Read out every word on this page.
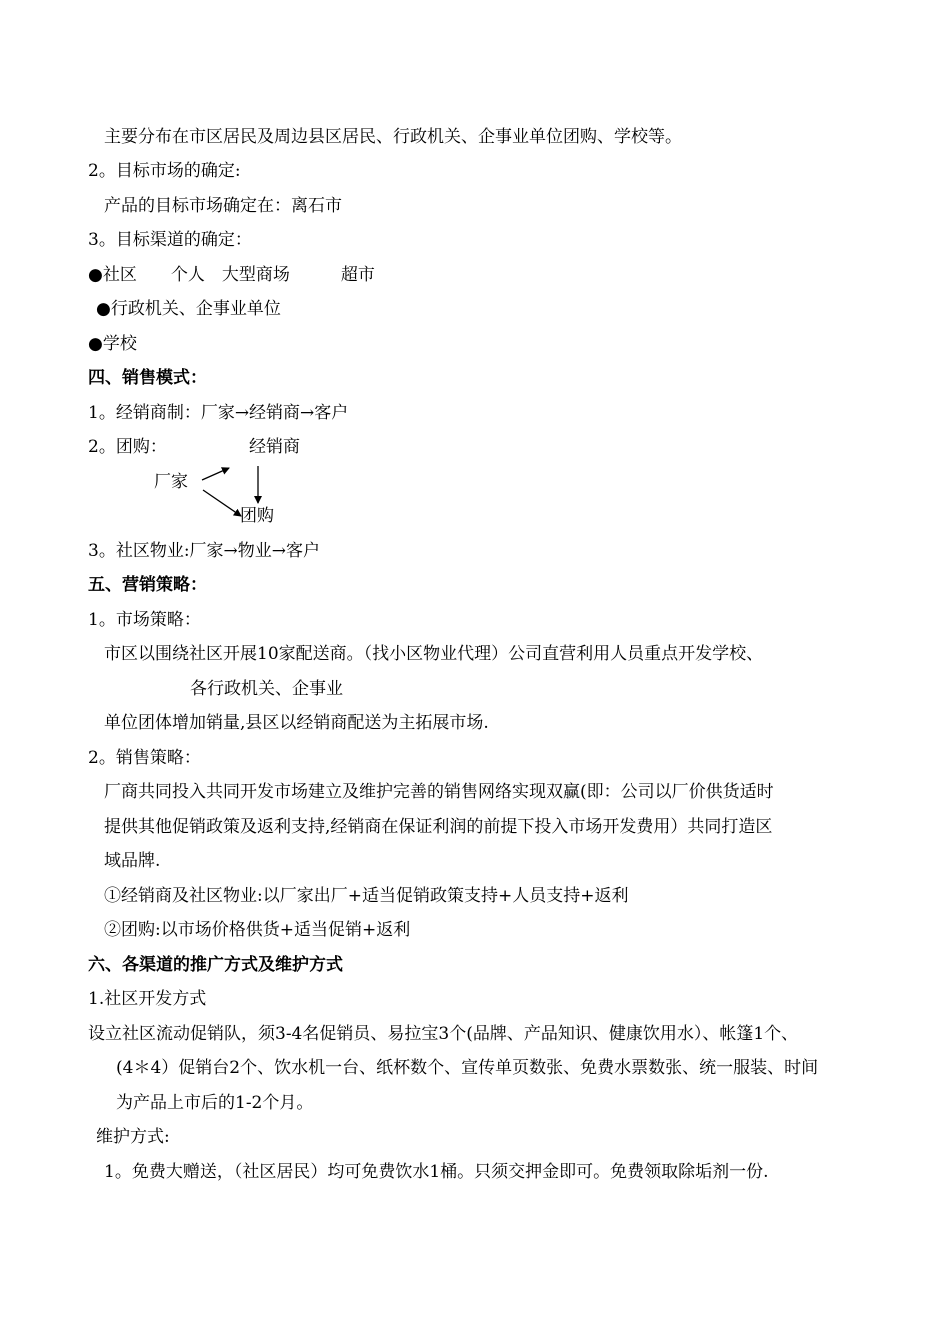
主要分布在市区居民及周边县区居民、行政机关、企事业单位团购、学校等。
2。目标市场的确定:
产品的目标市场确定在：离石市
3。目标渠道的确定：
●社区　　个人　大型商场　　　超市
●行政机关、企事业单位
●学校
四、销售模式：
1。经销商制：厂家→经销商→客户
2。团购：	经销商
厂家
团购
3。社区物业:厂家→物业→客户
五、营销策略：
1。市场策略：
市区以围绕社区开展10家配送商。（找小区物业代理）公司直营利用人员重点开发学校、
各行政机关、企事业
单位团体增加销量,县区以经销商配送为主拓展市场.
2。销售策略：
厂商共同投入共同开发市场建立及维护完善的销售网络实现双赢(即：公司以厂价供货适时
提供其他促销政策及返利支持,经销商在保证利润的前提下投入市场开发费用）共同打造区
域品牌.
①经销商及社区物业:以厂家出厂+适当促销政策支持+人员支持+返利
②团购:以市场价格供货+适当促销+返利
六、各渠道的推广方式及维护方式
1.社区开发方式
设立社区流动促销队，须3-4名促销员、易拉宝3个(品牌、产品知识、健康饮用水）、帐篷1个、
(4＊4）促销台2个、饮水机一台、纸杯数个、宣传单页数张、免费水票数张、统一服装、时间
为产品上市后的1-2个月。
维护方式:
1。免费大赠送，（社区居民）均可免费饮水1桶。只须交押金即可。免费领取除垢剂一份.
